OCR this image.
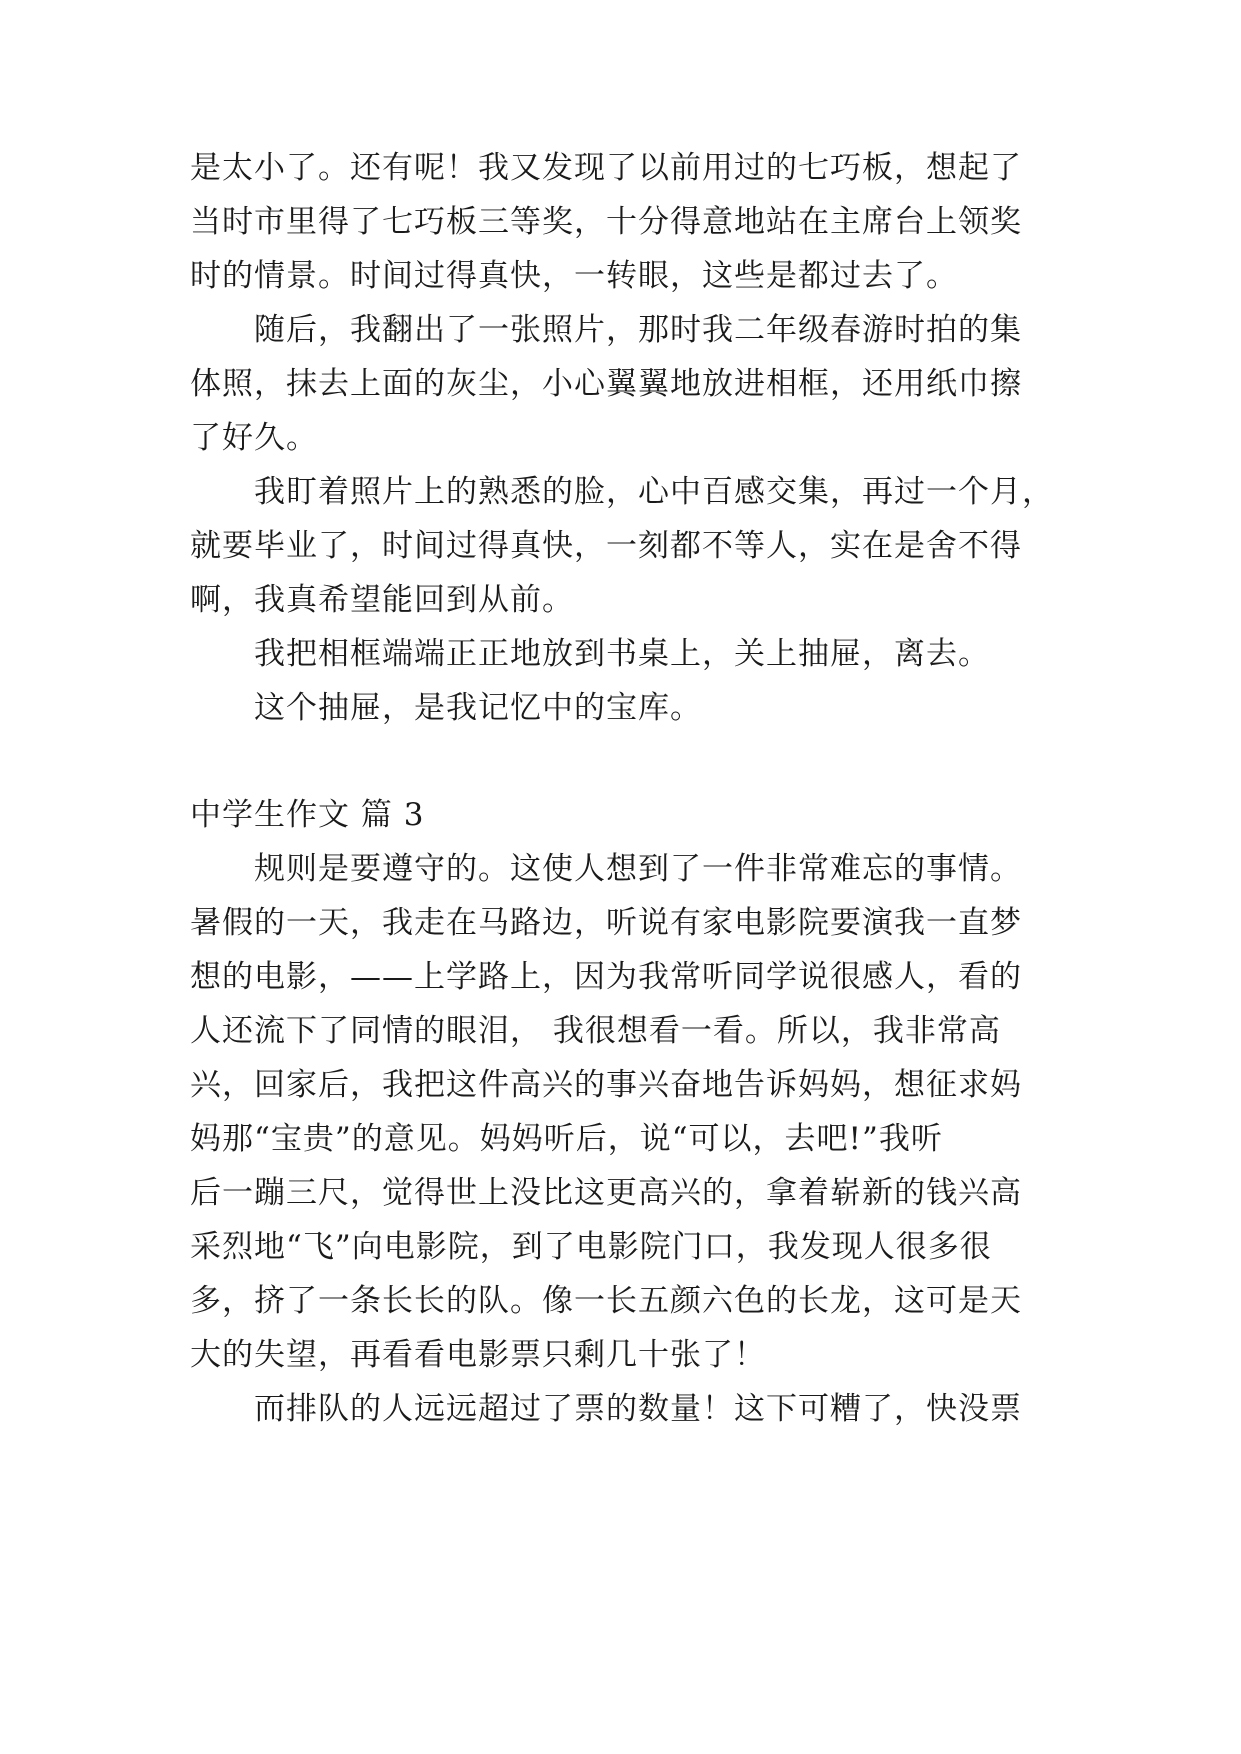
是太小了。还有呢！我又发现了以前用过的七巧板，想起了
当时市里得了七巧板三等奖，十分得意地站在主席台上领奖
时的情景。时间过得真快，一转眼，这些是都过去了。
　　随后，我翻出了一张照片，那时我二年级春游时拍的集
体照，抹去上面的灰尘，小心翼翼地放进相框，还用纸巾擦
了好久。
　　我盯着照片上的熟悉的脸，心中百感交集，再过一个月，
就要毕业了，时间过得真快，一刻都不等人，实在是舍不得
啊，我真希望能回到从前。
　　我把相框端端正正地放到书桌上，关上抽屉，离去。
　　这个抽屉，是我记忆中的宝库。
中学生作文 篇 3
　　规则是要遵守的。这使人想到了一件非常难忘的事情。
暑假的一天，我走在马路边，听说有家电影院要演我一直梦
想的电影，——上学路上，因为我常听同学说很感人，看的
人还流下了同情的眼泪， 我很想看一看。所以，我非常高
兴，回家后，我把这件高兴的事兴奋地告诉妈妈，想征求妈
妈那“宝贵”的意见。妈妈听后，说“可以，去吧!”我听
后一蹦三尺，觉得世上没比这更高兴的，拿着崭新的钱兴高
采烈地“飞”向电影院，到了电影院门口，我发现人很多很
多，挤了一条长长的队。像一长五颜六色的长龙，这可是天
大的失望，再看看电影票只剩几十张了！
　　而排队的人远远超过了票的数量！这下可糟了，快没票
